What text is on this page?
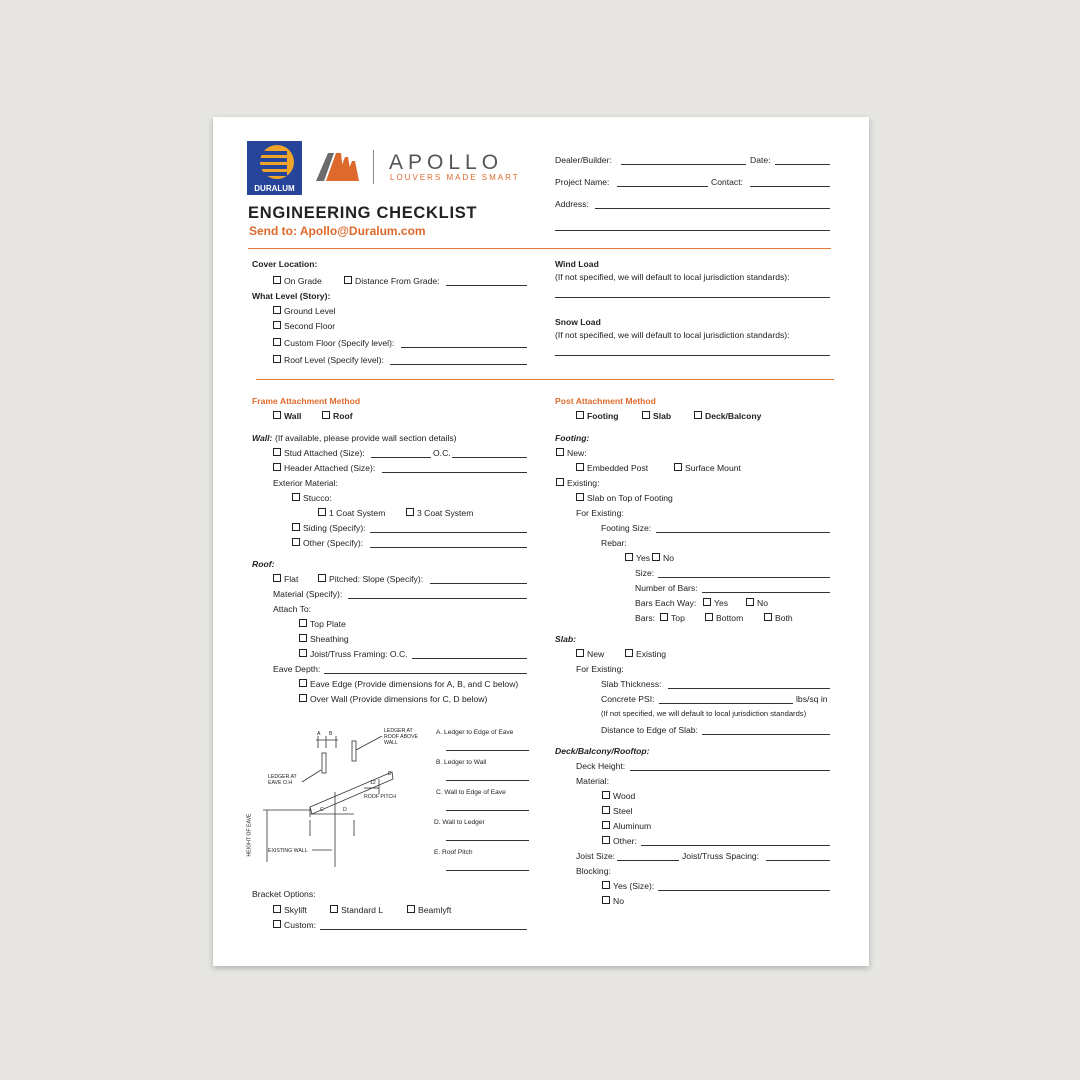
DURALUM
APOLLO
LOUVERS MADE SMART
ENGINEERING CHECKLIST
Send to: Apollo@Duralum.com
Dealer/Builder:	Date:
Project Name:	Contact:
Address:
Cover Location:
On Grade	Distance From Grade:
What Level (Story):
Ground Level
Second Floor
Custom Floor (Specify level):
Roof Level (Specify level):
Wind Load
(If not specified, we will default to local jurisdiction standards):
Snow Load
(If not specified, we will default to local jurisdiction standards):
Frame Attachment Method
Wall	Roof
Wall: (If available, please provide wall section details)
Stud Attached (Size):	O.C.
Header Attached (Size):
Exterior Material:
Stucco:
1 Coat System	3 Coat System
Siding (Specify):
Other (Specify):
Roof:
Flat	Pitched: Slope (Specify):
Material (Specify):
Attach To:
Top Plate
Sheathing
Joist/Truss Framing: O.C.
Eave Depth:
Eave Edge (Provide dimensions for A, B, and C below)
Over Wall (Provide dimensions for C, D below)
A B	LEDGER AT
ROOF ABOVE
WALL
LEDGER AT
EAVE O.H
E
12
ROOF PITCH
C	D
HEIGHT OF EAVE	EXISTING WALL
A. Ledger to Edge of Eave
B. Ledger to Wall
C. Wall to Edge of Eave
D. Wall to Ledger
E. Roof Pitch
Bracket Options:
Skylift	Standard L	Beamlyft
Custom:
Post Attachment Method
Footing	Slab	Deck/Balcony
Footing:
New:
Embedded Post	Surface Mount
Existing:
Slab on Top of Footing
For Existing:
Footing Size:
Rebar:
Yes No
Size:
Number of Bars:
Bars Each Way: Yes	No
Bars: Top	Bottom	Both
Slab:
New	Existing
For Existing:
Slab Thickness:
Concrete PSI:	lbs/sq in
(If not specified, we will default to local jurisdiction standards)
Distance to Edge of Slab:
Deck/Balcony/Rooftop:
Deck Height:
Material:
Wood
Steel
Aluminum
Other:
Joist Size:	Joist/Truss Spacing:
Blocking:
Yes (Size):
No
